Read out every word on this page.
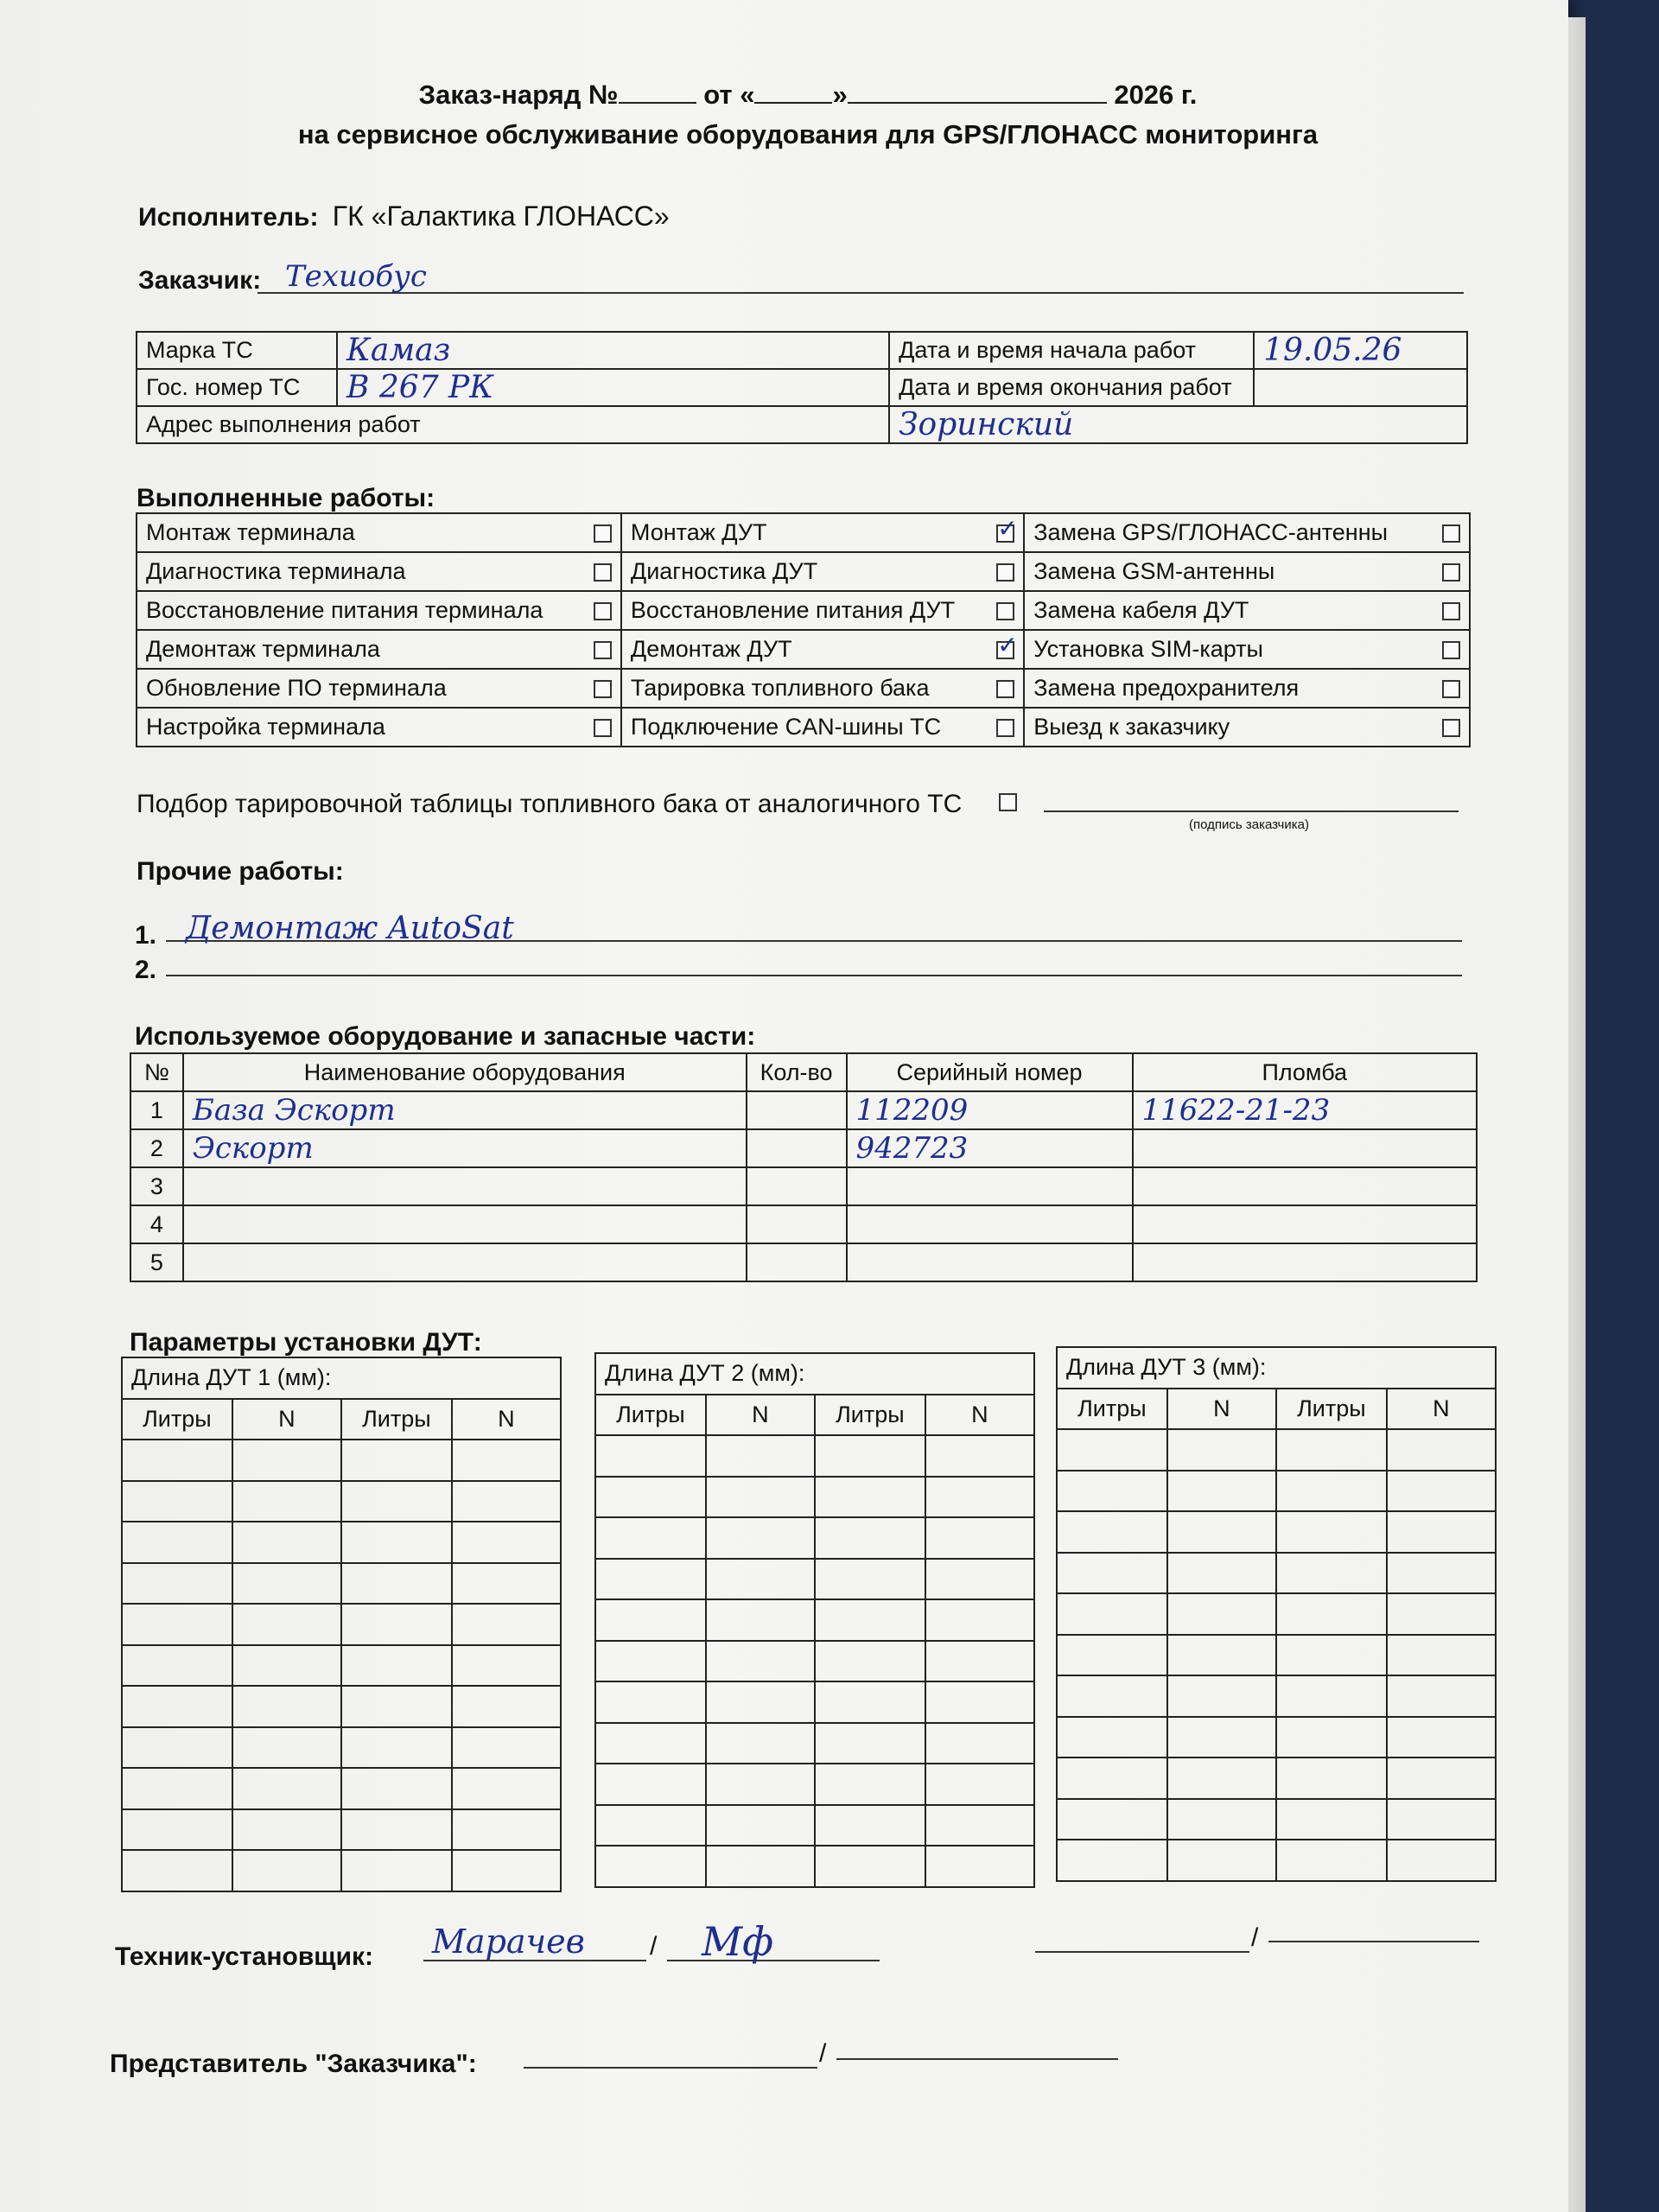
Заказ-наряд №	от «	»	2026 г.
на сервисное обслуживание оборудования для GPS/ГЛОНАСС мониторинга
Исполнитель: ГК «Галактика ГЛОНАСС»
Заказчик: Техиобус
Марка ТС	Камаз	Дата и время начала работ	19.05.26
Гос. номер ТС	В 267 РК	Дата и время окончания работ	
Адрес выполнения работ		Зоринский	
Выполненные работы:
Монтаж терминала		Монтаж ДУТ	✓	Замена GPS/ГЛОНАСС-антенны	
Диагностика терминала		Диагностика ДУТ		Замена GSM-антенны	
Восстановление питания терминала		Восстановление питания ДУТ		Замена кабеля ДУТ	
Демонтаж терминала		Демонтаж ДУТ	✓	Установка SIM-карты	
Обновление ПО терминала		Тарировка топливного бака		Замена предохранителя	
Настройка терминала		Подключение CAN-шины ТС		Выезд к заказчику	
Подбор тарировочной таблицы топливного бака от аналогичного ТС
(подпись заказчика)
Прочие работы:
1. Демонтаж AutoSat
2.
Используемое оборудование и запасные части:
№	Наименование оборудования	Кол-во	Серийный номер	Пломба
1	База Эскорт		112209	11622-21-23
2	Эскорт		942723	
3				
4				
5				
Параметры установки ДУТ:
Длина ДУТ 1 (мм):			
Литры	N	Литры	N

Длина ДУТ 2 (мм):			
Литры	N	Литры	N

Длина ДУТ 3 (мм):			
Литры	N	Литры	N

Техник-установщик: Марачев	/ Мф	/
Представитель "Заказчика":	/
